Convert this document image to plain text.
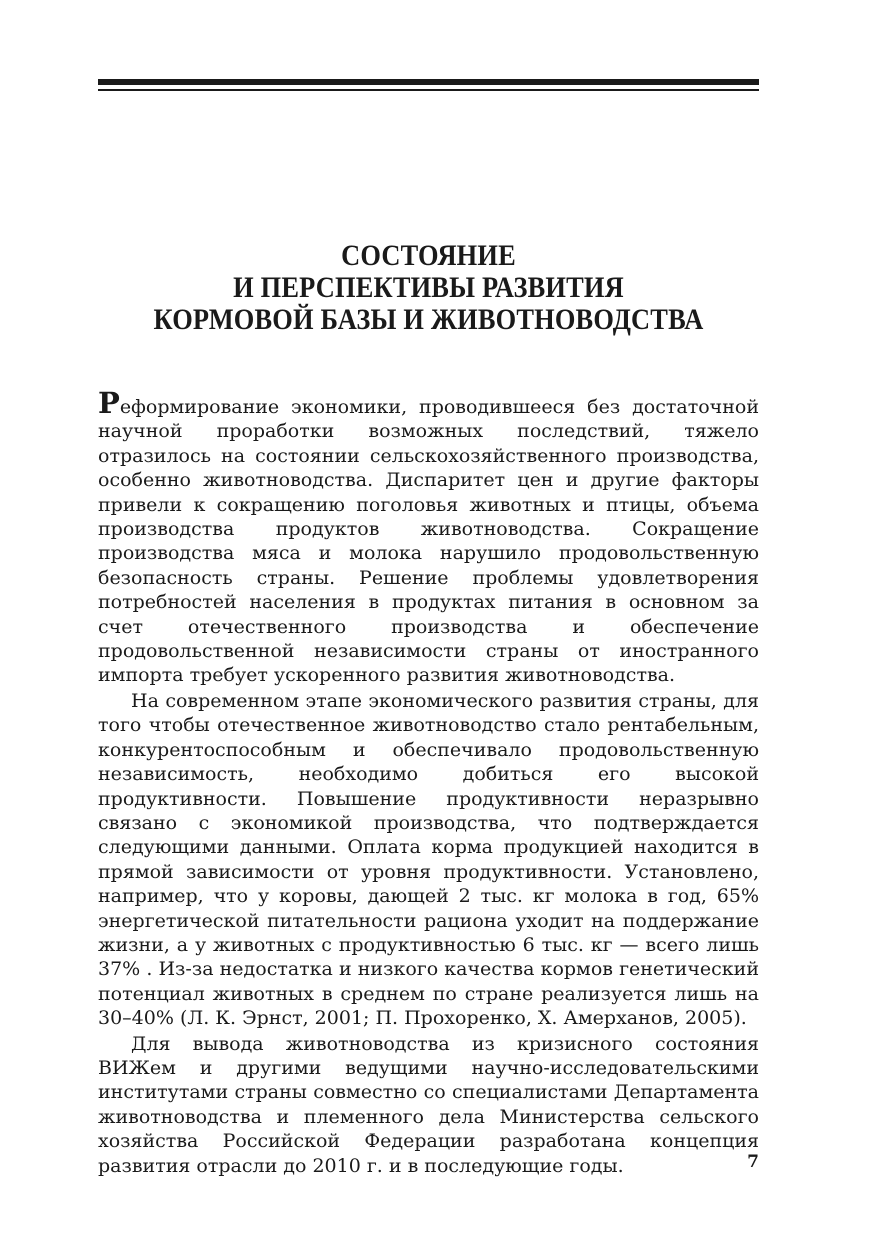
СОСТОЯНИЕ
И ПЕРСПЕКТИВЫ РАЗВИТИЯ
КОРМОВОЙ БАЗЫ И ЖИВОТНОВОДСТВА

Реформирование экономики, проводившееся без достаточной научной проработки возможных последствий, тяжело отразилось на состоянии сельскохозяйственного производства, особенно животноводства. Диспаритет цен и другие факторы привели к сокращению поголовья животных и птицы, объема производства продуктов животноводства. Сокращение производства мяса и молока нарушило продовольственную безопасность страны. Решение проблемы удовлетворения потребностей населения в продуктах питания в основном за счет отечественного производства и обеспечение продовольственной независимости страны от иностранного импорта требует ускоренного развития животноводства.

На современном этапе экономического развития страны, для того чтобы отечественное животноводство стало рентабельным, конкурентоспособным и обеспечивало продовольственную независимость, необходимо добиться его высокой продуктивности. Повышение продуктивности неразрывно связано с экономикой производства, что подтверждается следующими данными. Оплата корма продукцией находится в прямой зависимости от уровня продуктивности. Установлено, например, что у коровы, дающей 2 тыс. кг молока в год, 65% энергетической питательности рациона уходит на поддержание жизни, а у животных с продуктивностью 6 тыс. кг — всего лишь 37% . Из-за недостатка и низкого качества кормов генетический потенциал животных в среднем по стране реализуется лишь на 30–40% (Л. К. Эрнст, 2001; П. Прохоренко, Х. Амерханов, 2005).

Для вывода животноводства из кризисного состояния ВИЖем и другими ведущими научно-исследовательскими институтами страны совместно со специалистами Департамента животноводства и племенного дела Министерства сельского хозяйства Российской Федерации разработана концепция развития отрасли до 2010 г. и в последующие годы.	7
